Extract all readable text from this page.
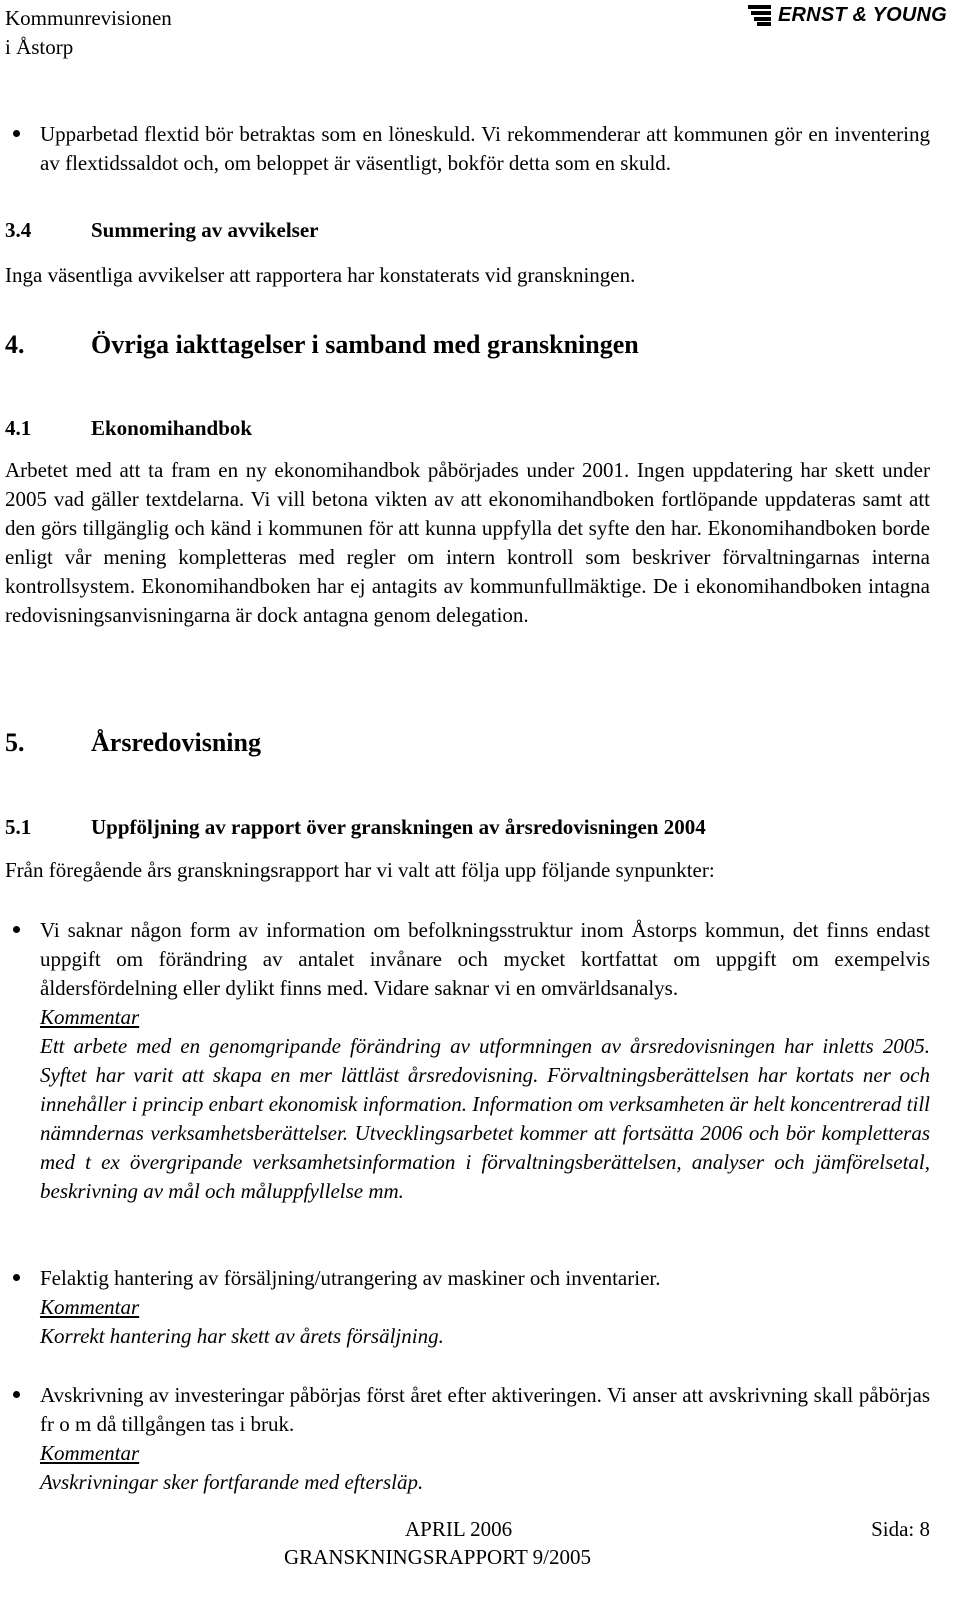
Kommunrevisionen
i Åstorp
ERNST & YOUNG
Upparbetad flextid bör betraktas som en löneskuld. Vi rekommenderar att kommunen gör en inventering av flextidssaldot och, om beloppet är väsentligt, bokför detta som en skuld.
3.4	Summering av avvikelser
Inga väsentliga avvikelser att rapportera har konstaterats vid granskningen.
4.	Övriga iakttagelser i samband med granskningen
4.1	Ekonomihandbok
Arbetet med att ta fram en ny ekonomihandbok påbörjades under 2001. Ingen uppdatering har skett under 2005 vad gäller textdelarna. Vi vill betona vikten av att ekonomihandboken fortlöpande uppdateras samt att den görs tillgänglig och känd i kommunen för att kunna uppfylla det syfte den har. Ekonomihandboken borde enligt vår mening kompletteras med regler om intern kontroll som beskriver förvaltningarnas interna kontrollsystem. Ekonomihandboken har ej antagits av kommunfullmäktige. De i ekonomihandboken intagna redovisningsanvisningarna är dock antagna genom delegation.
5.	Årsredovisning
5.1	Uppföljning av rapport över granskningen av årsredovisningen 2004
Från föregående års granskningsrapport har vi valt att följa upp följande synpunkter:
Vi saknar någon form av information om befolkningsstruktur inom Åstorps kommun, det finns endast uppgift om förändring av antalet invånare och mycket kortfattat om uppgift om exempelvis åldersfördelning eller dylikt finns med. Vidare saknar vi en omvärldsanalys.
Kommentar
Ett arbete med en genomgripande förändring av utformningen av årsredovisningen har inletts 2005. Syftet har varit att skapa en mer lättläst årsredovisning. Förvaltningsberättelsen har kortats ner och innehåller i princip enbart ekonomisk information. Information om verksamheten är helt koncentrerad till nämndernas verksamhetsberättelser. Utvecklingsarbetet kommer att fortsätta 2006 och bör kompletteras med t ex övergripande verksamhetsinformation i förvaltningsberättelsen, analyser och jämförelsetal, beskrivning av mål och måluppfyllelse mm.
Felaktig hantering av försäljning/utrangering av maskiner och inventarier.
Kommentar
Korrekt hantering har skett av årets försäljning.
Avskrivning av investeringar påbörjas först året efter aktiveringen. Vi anser att avskrivning skall påbörjas fr o m då tillgången tas i bruk.
Kommentar
Avskrivningar sker fortfarande med eftersläp.
APRIL 2006	Sida: 8
GRANSKNINGSRAPPORT 9/2005
